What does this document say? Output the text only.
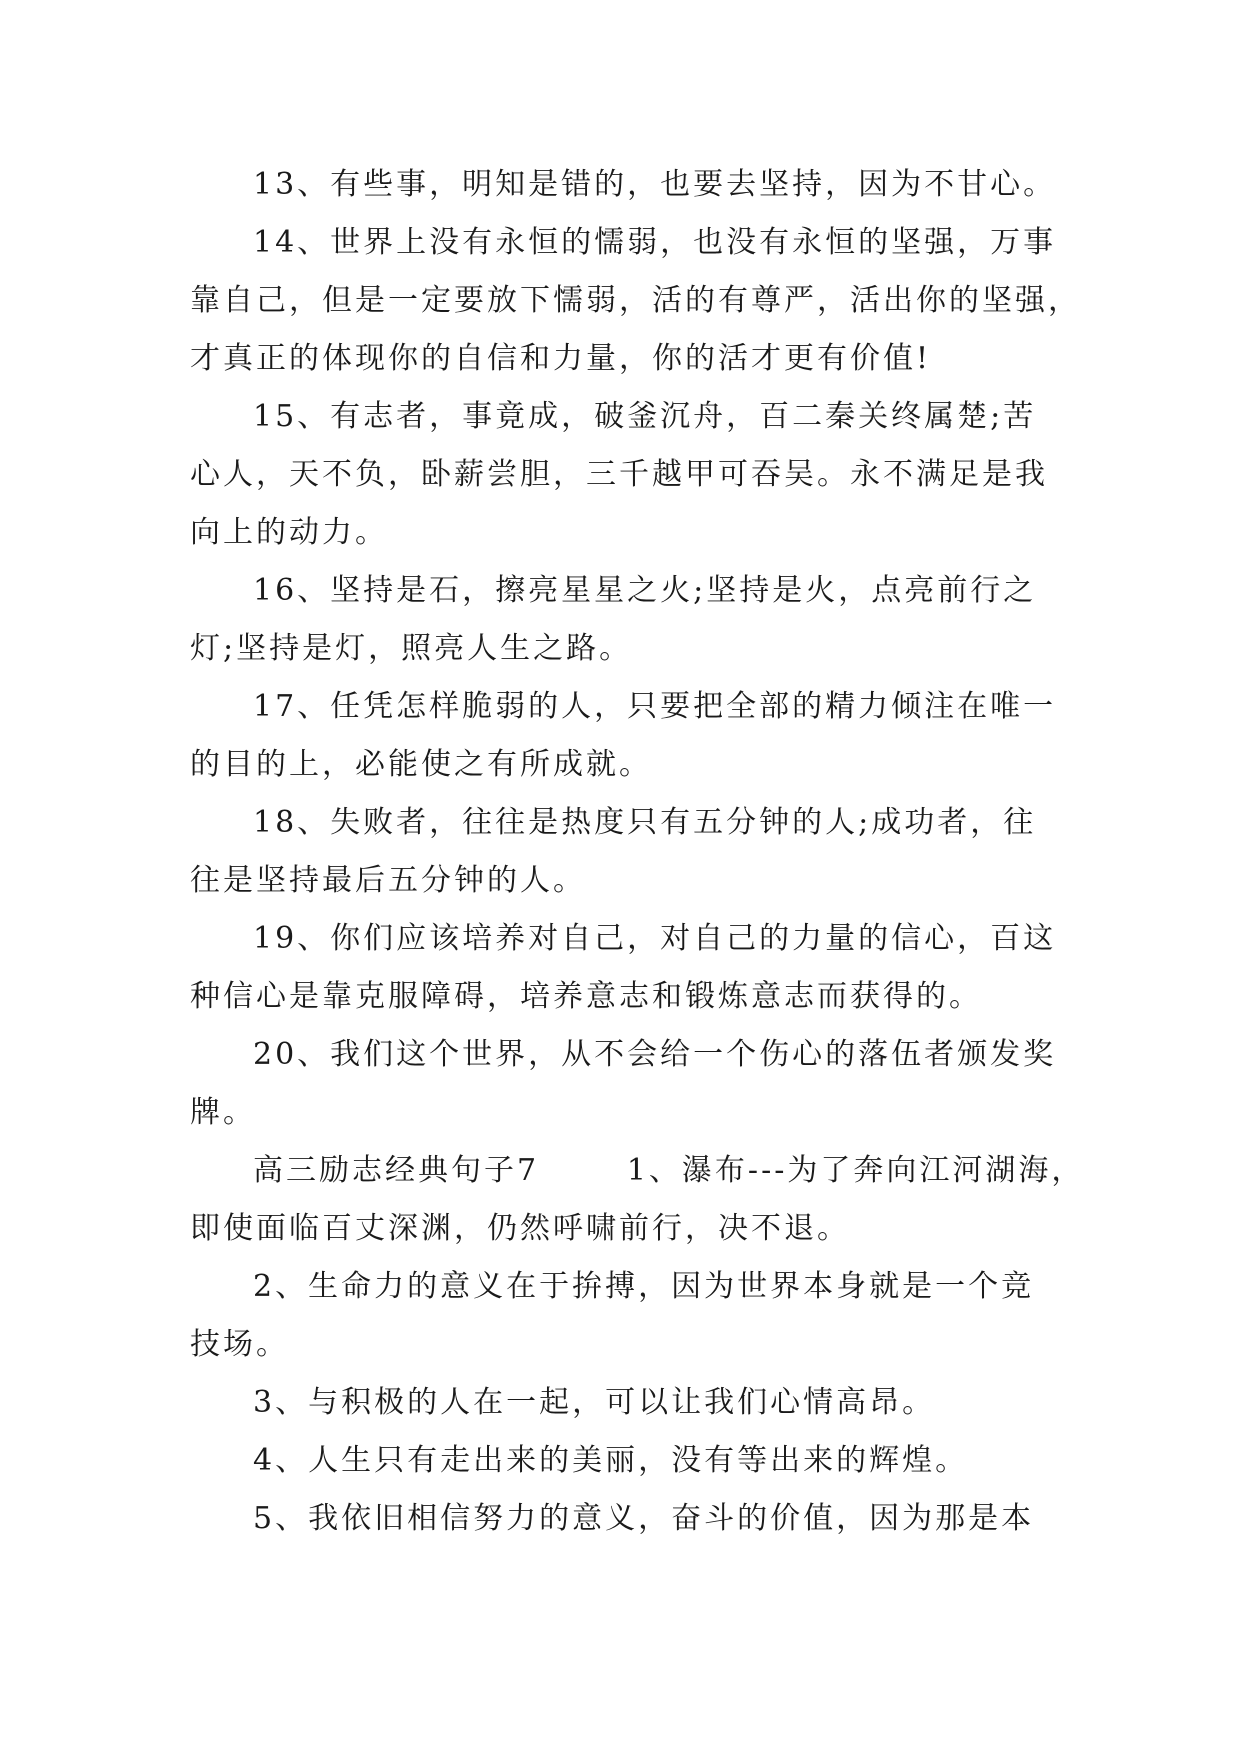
13、有些事，明知是错的，也要去坚持，因为不甘心。
14、世界上没有永恒的懦弱，也没有永恒的坚强，万事
靠自己，但是一定要放下懦弱，活的有尊严，活出你的坚强，
才真正的体现你的自信和力量，你的活才更有价值!
15、有志者，事竟成，破釜沉舟，百二秦关终属楚;苦
心人，天不负，卧薪尝胆，三千越甲可吞吴。永不满足是我
向上的动力。
16、坚持是石，擦亮星星之火;坚持是火，点亮前行之
灯;坚持是灯，照亮人生之路。
17、任凭怎样脆弱的人，只要把全部的精力倾注在唯一
的目的上，必能使之有所成就。
18、失败者，往往是热度只有五分钟的人;成功者，往
往是坚持最后五分钟的人。
19、你们应该培养对自己，对自己的力量的信心，百这
种信心是靠克服障碍，培养意志和锻炼意志而获得的。
20、我们这个世界，从不会给一个伤心的落伍者颁发奖
牌。
高三励志经典句子7       1、瀑布---为了奔向江河湖海，
即使面临百丈深渊，仍然呼啸前行，决不退。
2、生命力的意义在于拚搏，因为世界本身就是一个竞
技场。
3、与积极的人在一起，可以让我们心情高昂。
4、人生只有走出来的美丽，没有等出来的辉煌。
5、我依旧相信努力的意义，奋斗的价值，因为那是本
